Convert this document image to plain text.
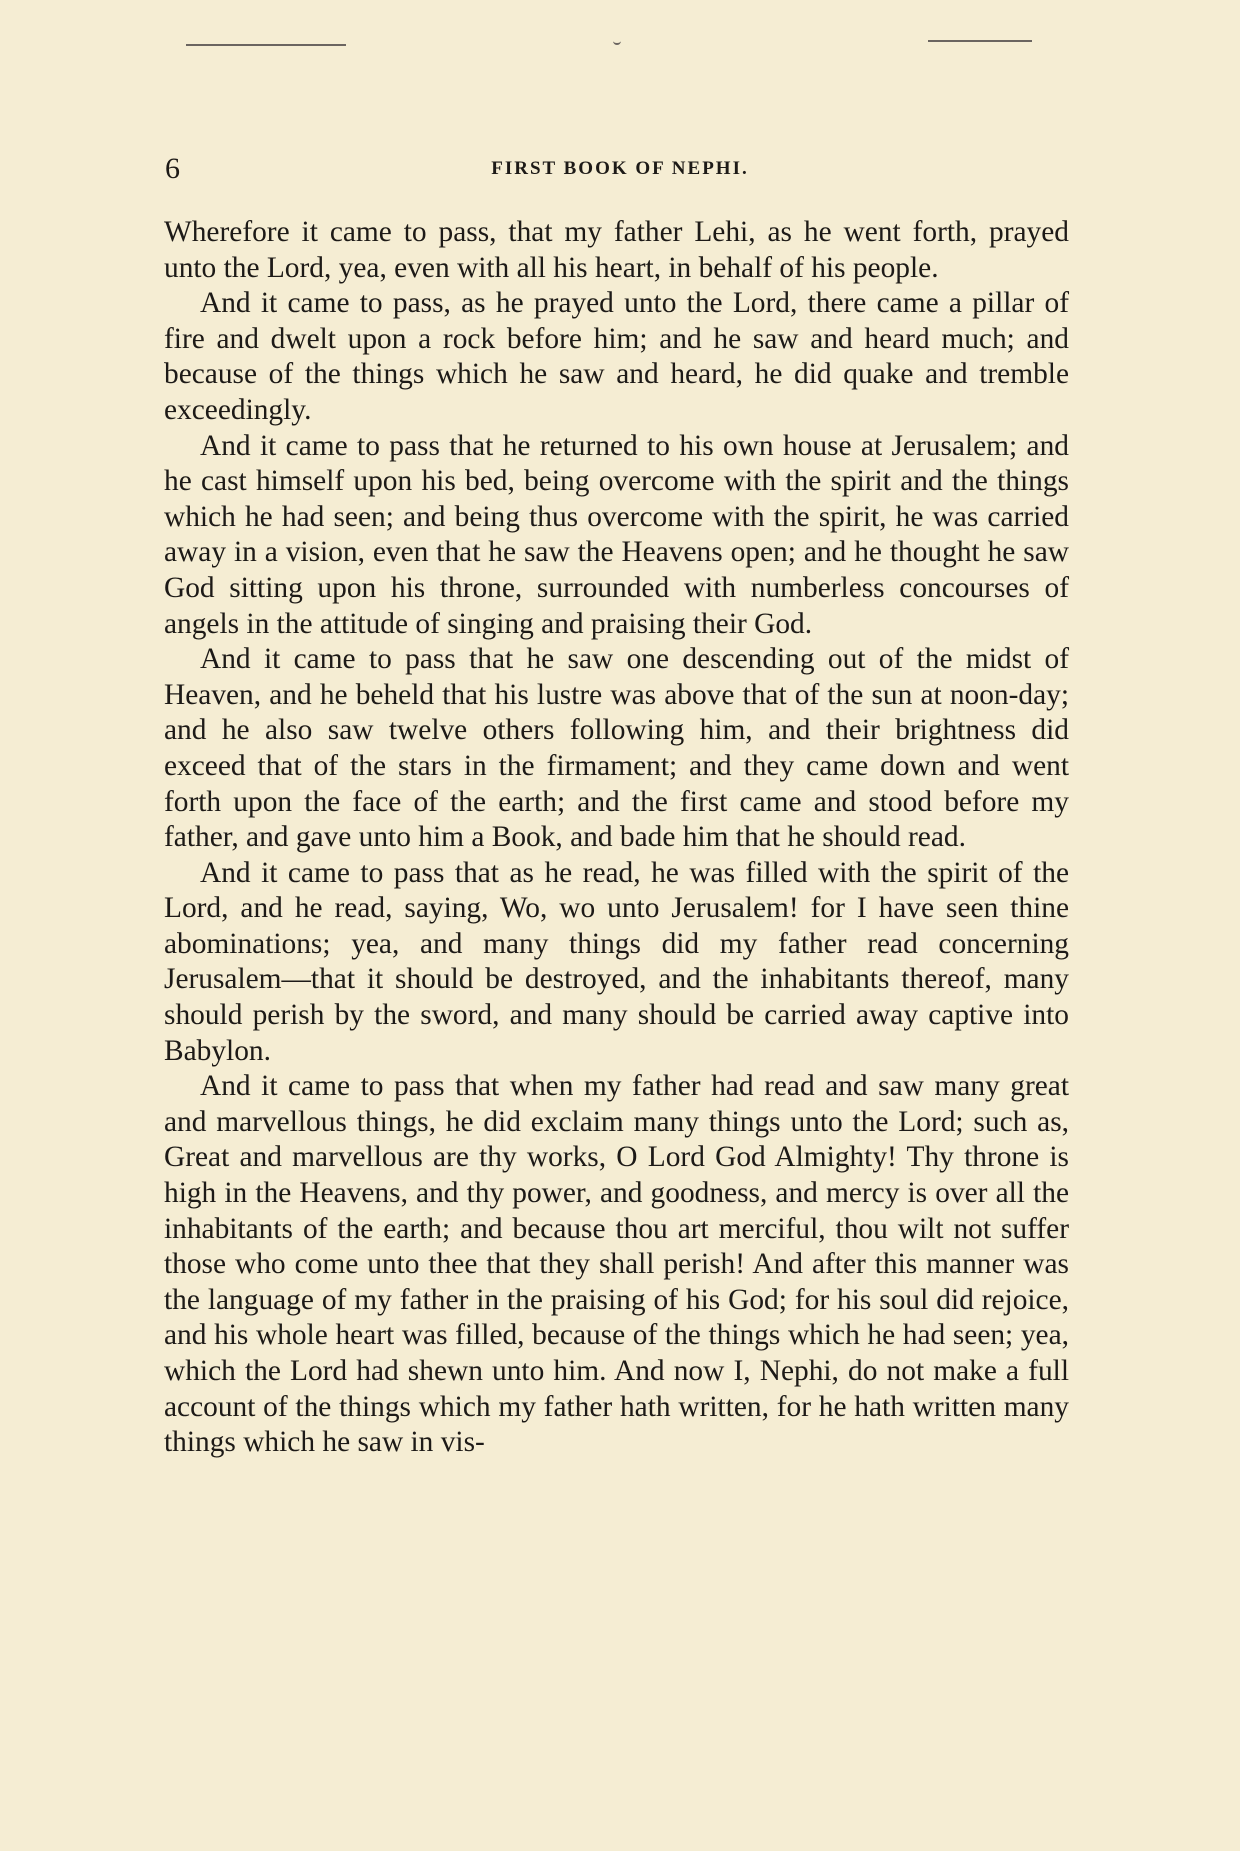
6	FIRST BOOK OF NEPHI.

Wherefore it came to pass, that my father Lehi, as he went forth, prayed unto the Lord, yea, even with all his heart, in behalf of his people.

And it came to pass, as he prayed unto the Lord, there came a pillar of fire and dwelt upon a rock before him; and he saw and heard much; and because of the things which he saw and heard, he did quake and tremble exceedingly.

And it came to pass that he returned to his own house at Jerusalem; and he cast himself upon his bed, being overcome with the spirit and the things which he had seen; and being thus overcome with the spirit, he was carried away in a vision, even that he saw the Heavens open; and he thought he saw God sitting upon his throne, surrounded with numberless concourses of angels in the attitude of singing and praising their God.

And it came to pass that he saw one descending out of the midst of Heaven, and he beheld that his lustre was above that of the sun at noon-day; and he also saw twelve others following him, and their brightness did exceed that of the stars in the firmament; and they came down and went forth upon the face of the earth; and the first came and stood before my father, and gave unto him a Book, and bade him that he should read.

And it came to pass that as he read, he was filled with the spirit of the Lord, and he read, saying, Wo, wo unto Jerusalem! for I have seen thine abominations; yea, and many things did my father read concerning Jerusalem—that it should be destroyed, and the inhabitants thereof, many should perish by the sword, and many should be carried away captive into Babylon.

And it came to pass that when my father had read and saw many great and marvellous things, he did exclaim many things unto the Lord; such as, Great and marvellous are thy works, O Lord God Almighty! Thy throne is high in the Heavens, and thy power, and goodness, and mercy is over all the inhabitants of the earth; and because thou art merciful, thou wilt not suffer those who come unto thee that they shall perish! And after this manner was the language of my father in the praising of his God; for his soul did rejoice, and his whole heart was filled, because of the things which he had seen; yea, which the Lord had shewn unto him. And now I, Nephi, do not make a full account of the things which my father hath written, for he hath written many things which he saw in vis-
